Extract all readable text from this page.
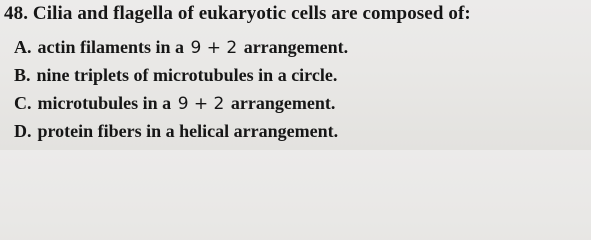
48. Cilia and flagella of eukaryotic cells are composed of:
A. actin filaments in a 9 + 2 arrangement.
B. nine triplets of microtubules in a circle.
C. microtubules in a 9 + 2 arrangement.
D. protein fibers in a helical arrangement.
